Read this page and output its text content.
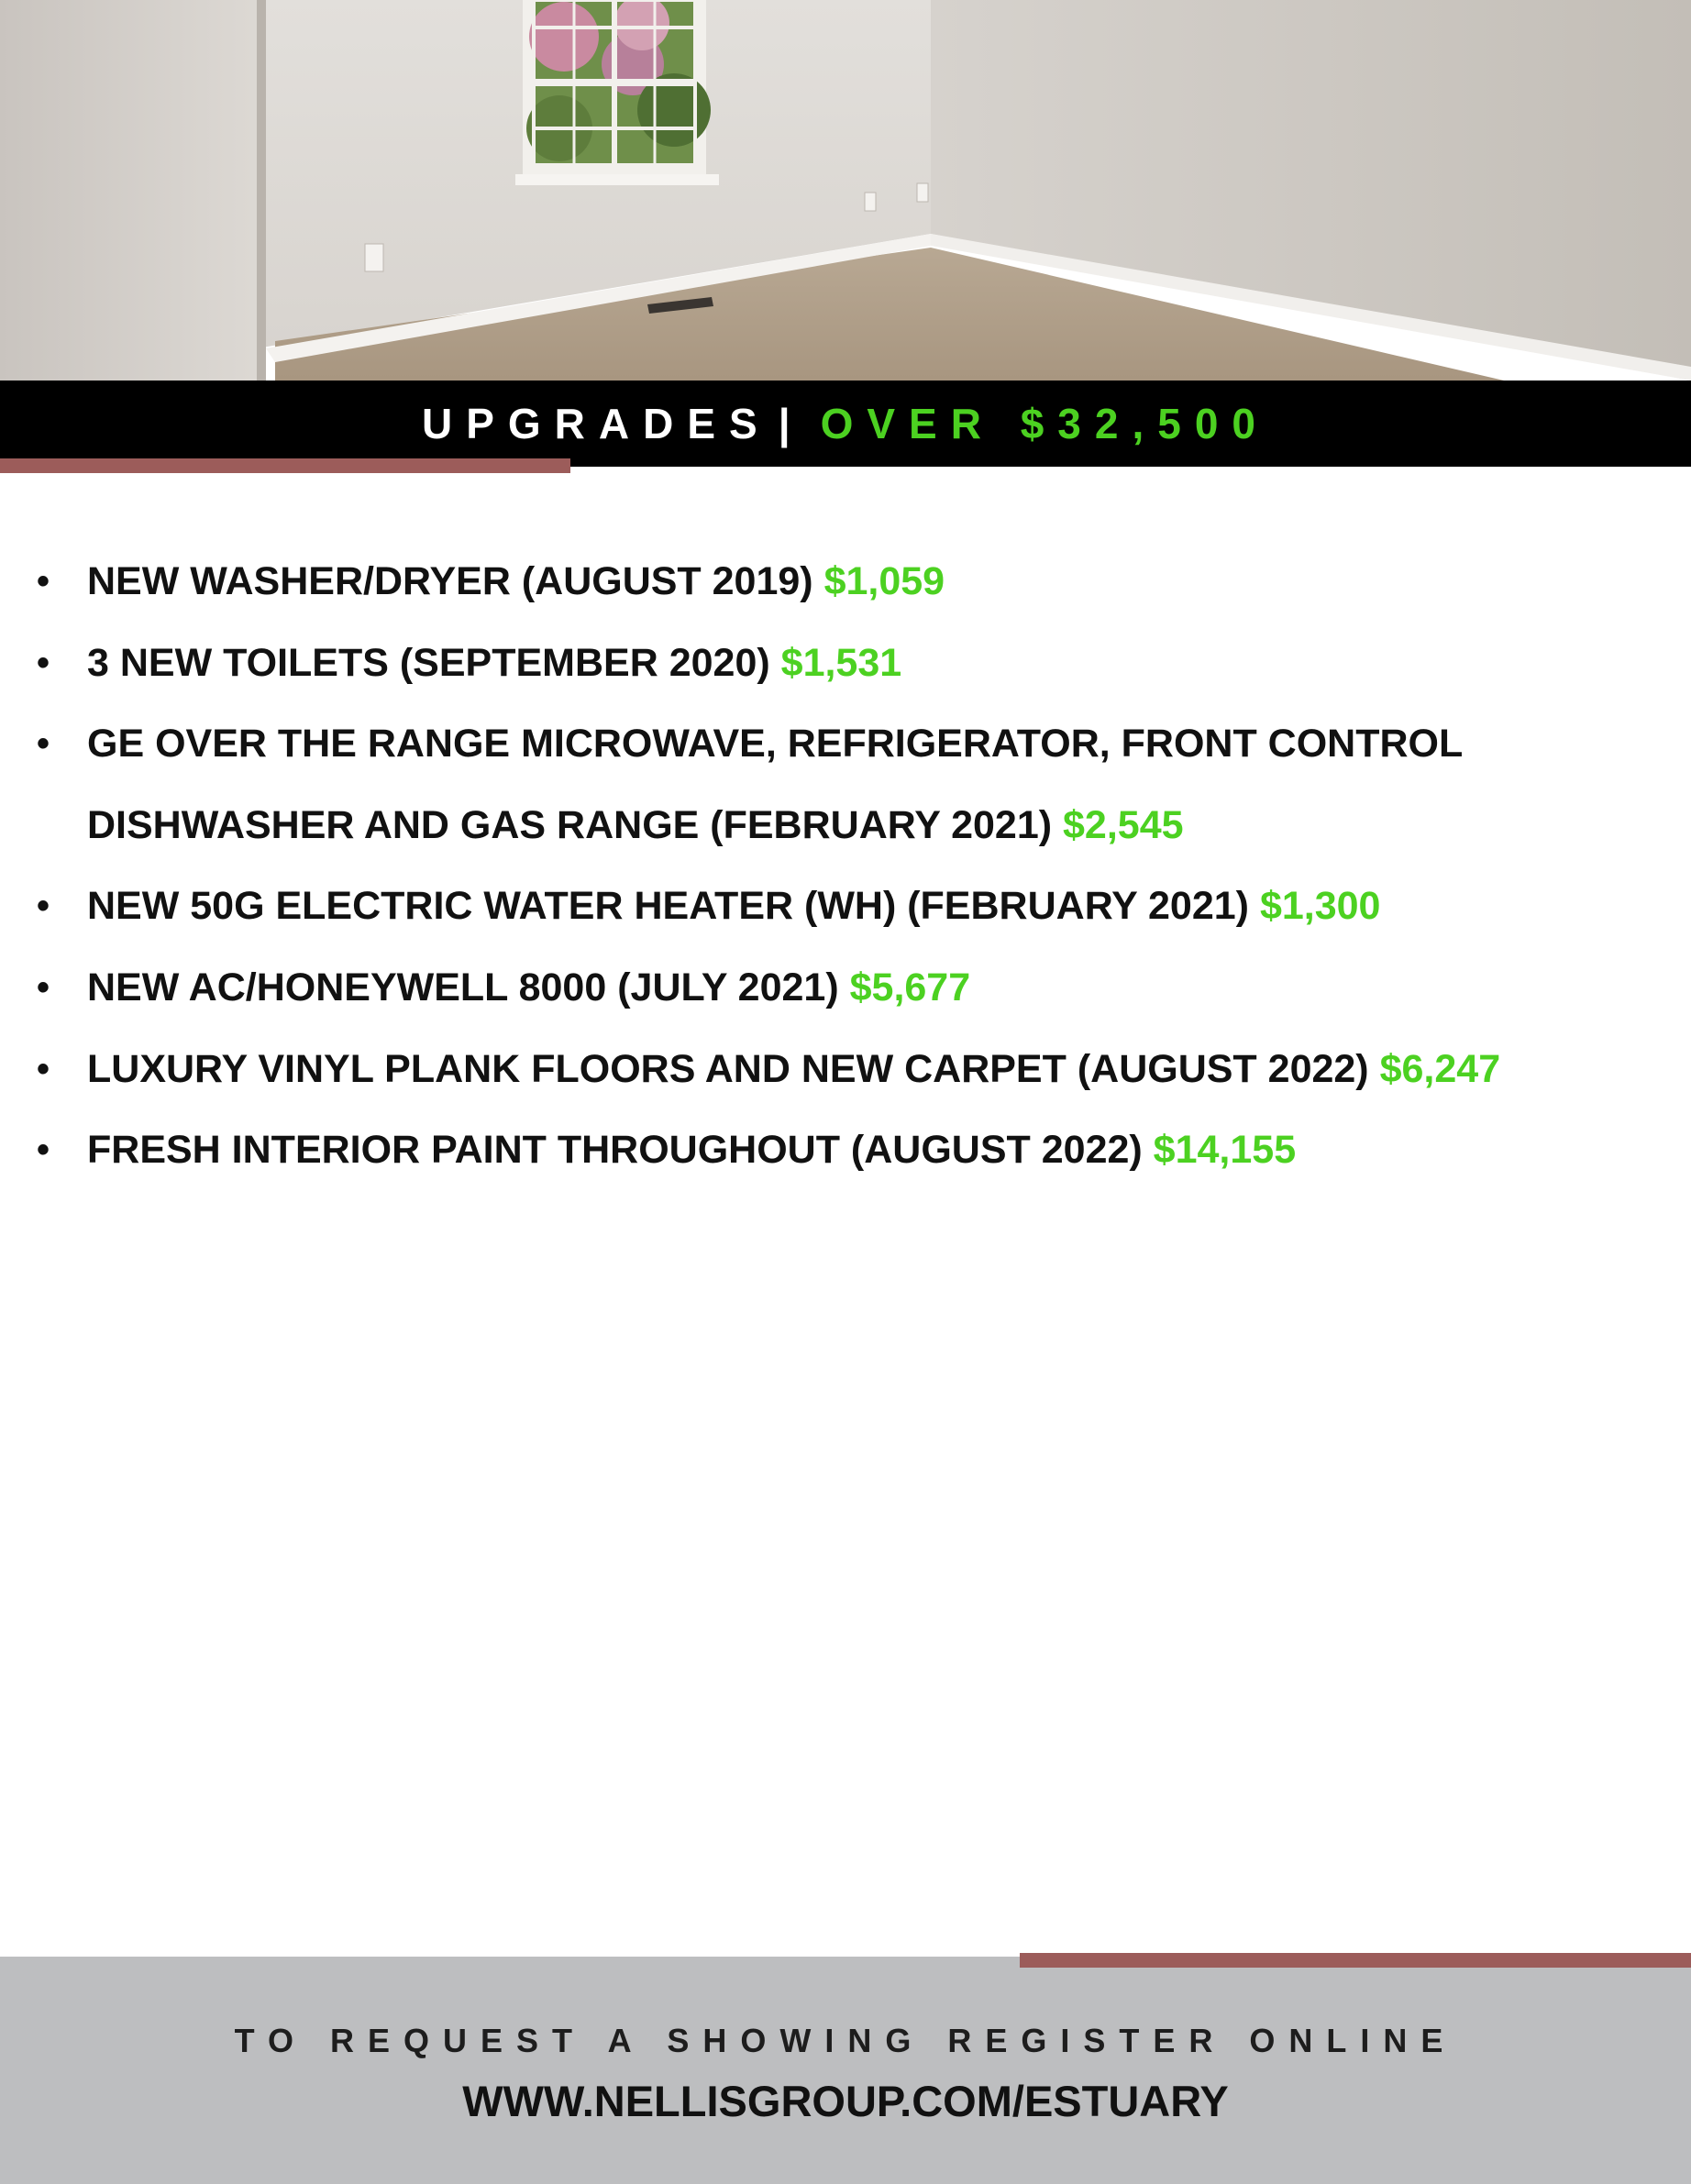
UPGRADES | OVER $32,500
• NEW WASHER/DRYER (AUGUST 2019) $1,059
• 3 NEW TOILETS (SEPTEMBER 2020) $1,531
• GE OVER THE RANGE MICROWAVE, REFRIGERATOR, FRONT CONTROL DISHWASHER AND GAS RANGE (FEBRUARY 2021) $2,545
• NEW 50G ELECTRIC WATER HEATER (WH) (FEBRUARY 2021) $1,300
• NEW AC/HONEYWELL 8000 (JULY 2021) $5,677
• LUXURY VINYL PLANK FLOORS AND NEW CARPET (AUGUST 2022) $6,247
• FRESH INTERIOR PAINT THROUGHOUT (AUGUST 2022) $14,155
TO REQUEST A SHOWING REGISTER ONLINE
WWW.NELLISGROUP.COM/ESTUARY
